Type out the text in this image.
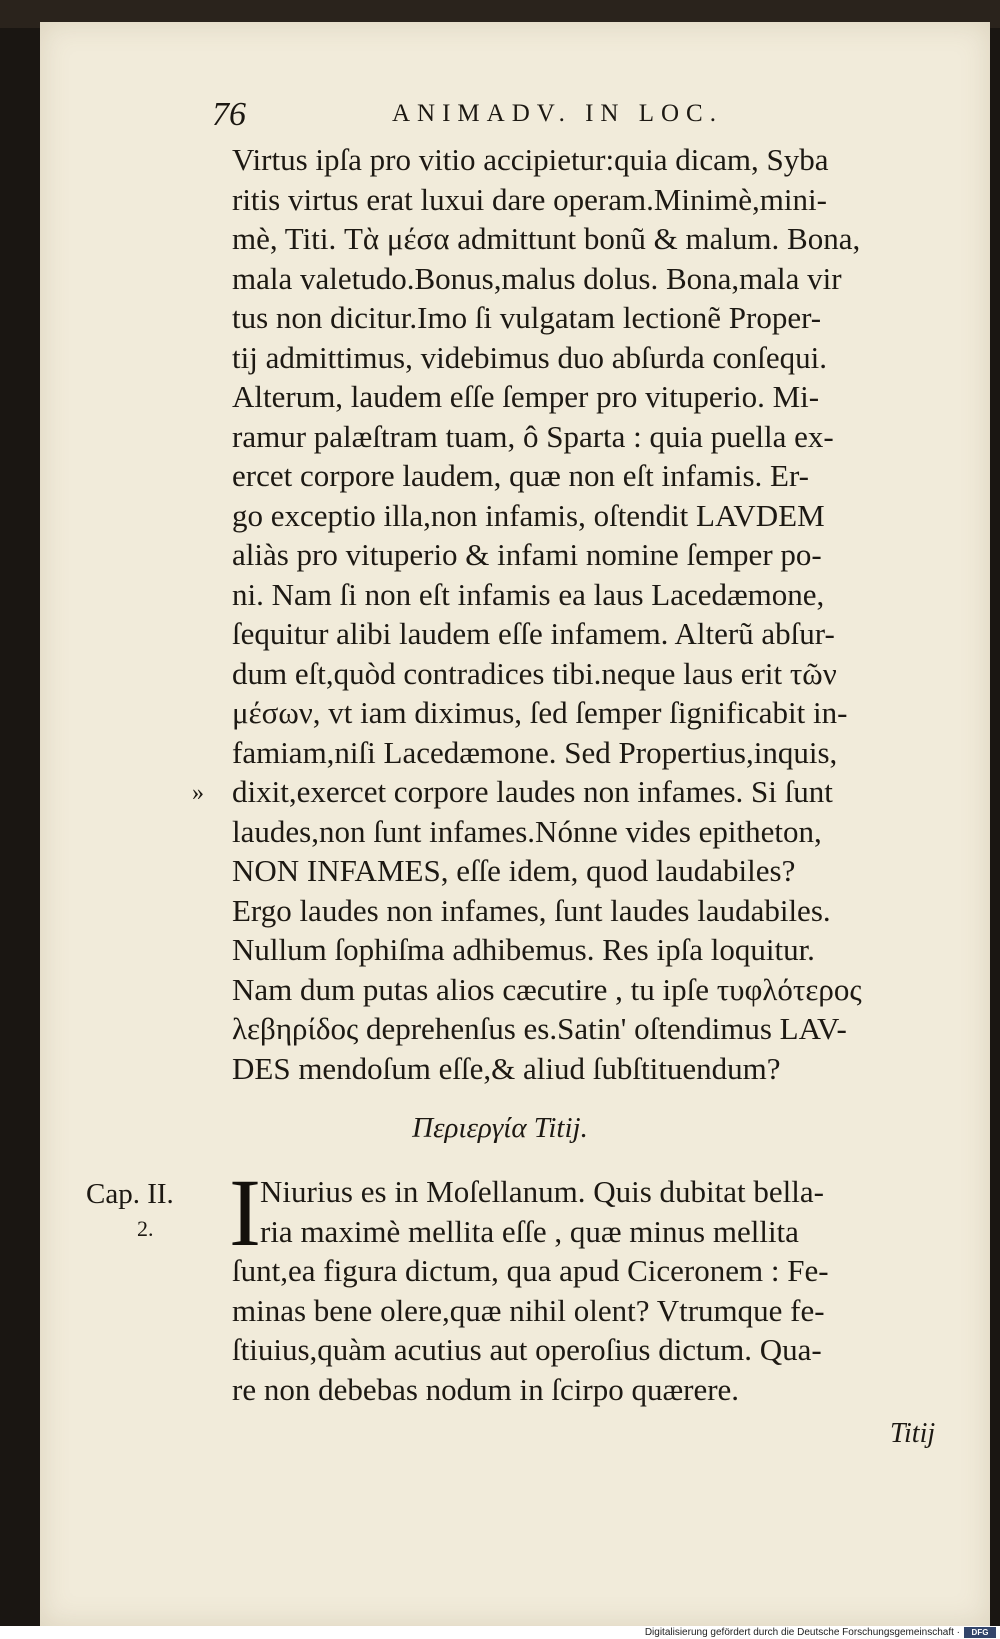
76	ANIMADV. IN LOC.
Virtus ipſa pro vitio accipietur:quia dicam, Syba
ritis virtus erat luxui dare operam.Minimè,mini-
mè, Titi. Τὰ μέσα admittunt bonũ & malum. Bona,
mala valetudo.Bonus,malus dolus. Bona,mala vir
tus non dicitur.Imo ſi vulgatam lectionẽ Proper-
tij admittimus, videbimus duo abſurda conſequi.
Alterum, laudem eſſe ſemper pro vituperio. Mi-
ramur palæſtram tuam, ô Sparta : quia puella ex-
ercet corpore laudem, quæ non eſt infamis. Er-
go exceptio illa,non infamis, oſtendit LAVDEM
aliàs pro vituperio & infami nomine ſemper po-
ni. Nam ſi non eſt infamis ea laus Lacedæmone,
ſequitur alibi laudem eſſe infamem. Alterũ abſur-
dum eſt,quòd contradices tibi.neque laus erit τῶν
μέσων, vt iam diximus, ſed ſemper ſignificabit in-
famiam,niſi Lacedæmone. Sed Propertius,inquis,
dixit,exercet corpore laudes non infames. Si ſunt
laudes,non ſunt infames.Nónne vides epitheton,
NON INFAMES, eſſe idem, quod laudabiles?
Ergo laudes non infames, ſunt laudes laudabiles.
Nullum ſophiſma adhibemus. Res ipſa loquitur.
Nam dum putas alios cæcutire , tu ipſe τυφλότερος
λεβηρίδος deprehenſus es.Satin' oſtendimus LAV-
DES mendoſum eſſe,& aliud ſubſtituendum?
»
Περιεργία Titij.
Cap. II.
2. I Niurius es in Moſellanum. Quis dubitat bella-
ria maximè mellita eſſe , quæ minus mellita
ſunt,ea figura dictum, qua apud Ciceronem : Fe-
minas bene olere,quæ nihil olent? Vtrumque fe-
ſtiuius,quàm acutius aut operoſius dictum. Qua-
re non debebas nodum in ſcirpo quærere.
Titij
Digitalisierung gefördert durch die Deutsche Forschungsgemeinschaft ·	DFG
